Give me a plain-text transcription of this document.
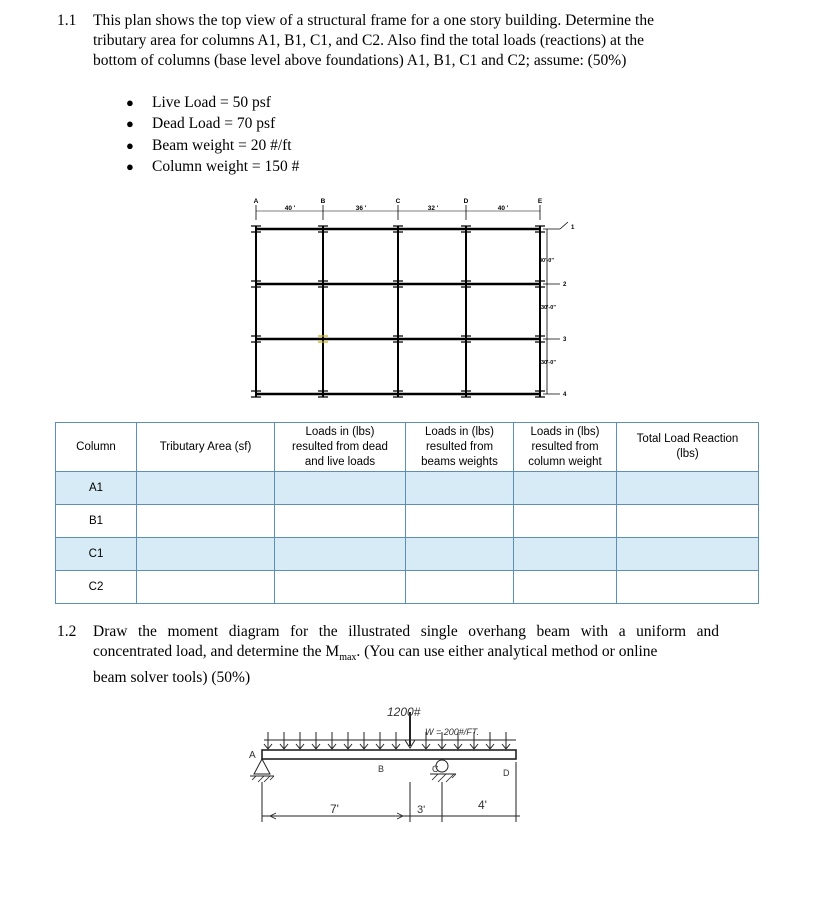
1.1 This plan shows the top view of a structural frame for a one story building. Determine the
tributary area for columns A1, B1, C1, and C2. Also find the total loads (reactions) at the
bottom of columns (base level above foundations) A1, B1, C1 and C2; assume: (50%)
● Live Load = 50 psf
● Dead Load = 70 psf
● Beam weight = 20 #/ft
● Column weight = 150 #
A	B	C	D	E
40 '	36 '	32 '	40 '
1
2
3
4
30'-0"
30'-0"
30'-0"
Column	Tributary Area (sf)	Loads in (lbs)
resulted from dead
and live loads	Loads in (lbs)
resulted from
beams weights	Loads in (lbs)
resulted from
column weight	Total Load Reaction
(lbs)
A1					
B1					
C1					
C2					
1.2 Draw the moment diagram for the illustrated single overhang beam with a uniform and
concentrated load, and determine the $M_{max}$. (You can use either analytical method or online
beam solver tools) (50%)
1200#
W = 200#/FT.
A
B	C	D
7'	3'	4'
